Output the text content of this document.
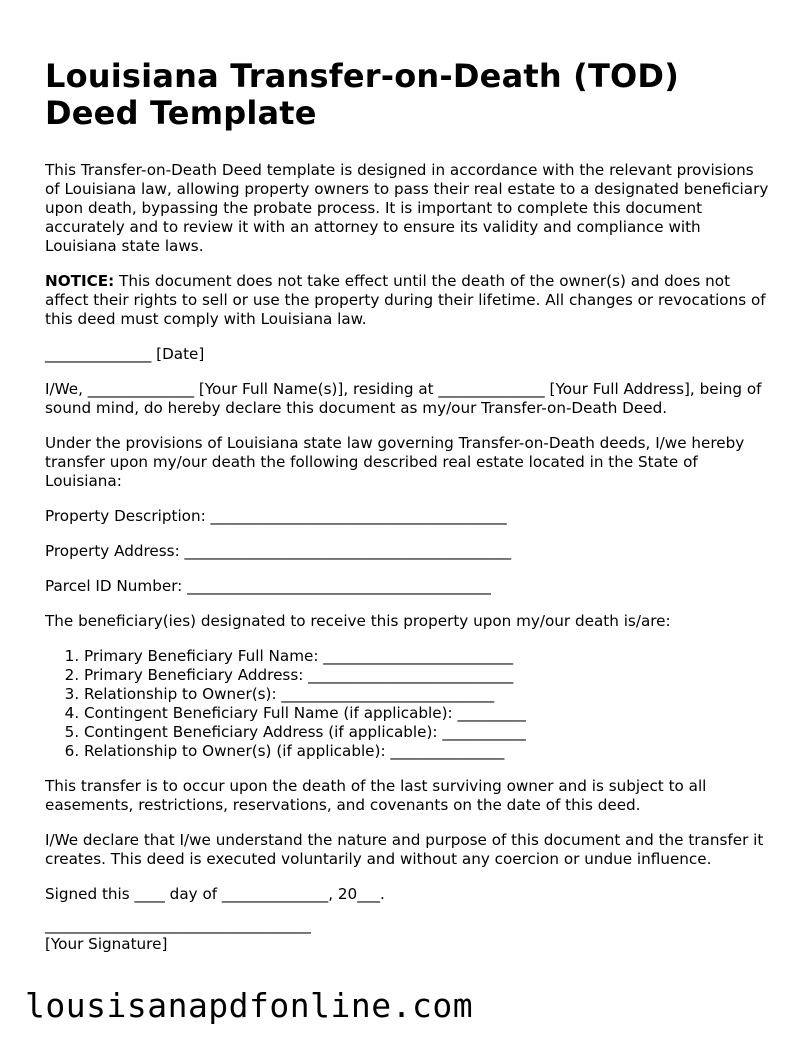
Louisiana Transfer-on-Death (TOD) Deed Template

This Transfer-on-Death Deed template is designed in accordance with the relevant provisions of Louisiana law, allowing property owners to pass their real estate to a designated beneficiary upon death, bypassing the probate process. It is important to complete this document accurately and to review it with an attorney to ensure its validity and compliance with Louisiana state laws.

NOTICE: This document does not take effect until the death of the owner(s) and does not affect their rights to sell or use the property during their lifetime. All changes or revocations of this deed must comply with Louisiana law.

______________ [Date]

I/We, ______________ [Your Full Name(s)], residing at ______________ [Your Full Address], being of sound mind, do hereby declare this document as my/our Transfer-on-Death Deed.

Under the provisions of Louisiana state law governing Transfer-on-Death deeds, I/we hereby transfer upon my/our death the following described real estate located in the State of Louisiana:

Property Description: _______________________________________
Property Address: ___________________________________________
Parcel ID Number: ________________________________________

The beneficiary(ies) designated to receive this property upon my/our death is/are:

1. Primary Beneficiary Full Name: _________________________
2. Primary Beneficiary Address: ___________________________
3. Relationship to Owner(s): ____________________________
4. Contingent Beneficiary Full Name (if applicable): _________
5. Contingent Beneficiary Address (if applicable): ___________
6. Relationship to Owner(s) (if applicable): _______________

This transfer is to occur upon the death of the last surviving owner and is subject to all easements, restrictions, reservations, and covenants on the date of this deed.

I/We declare that I/we understand the nature and purpose of this document and the transfer it creates. This deed is executed voluntarily and without any coercion or undue influence.

Signed this ____ day of ______________, 20___.

___________________________________
[Your Signature]
lousisanapdfonline.com
